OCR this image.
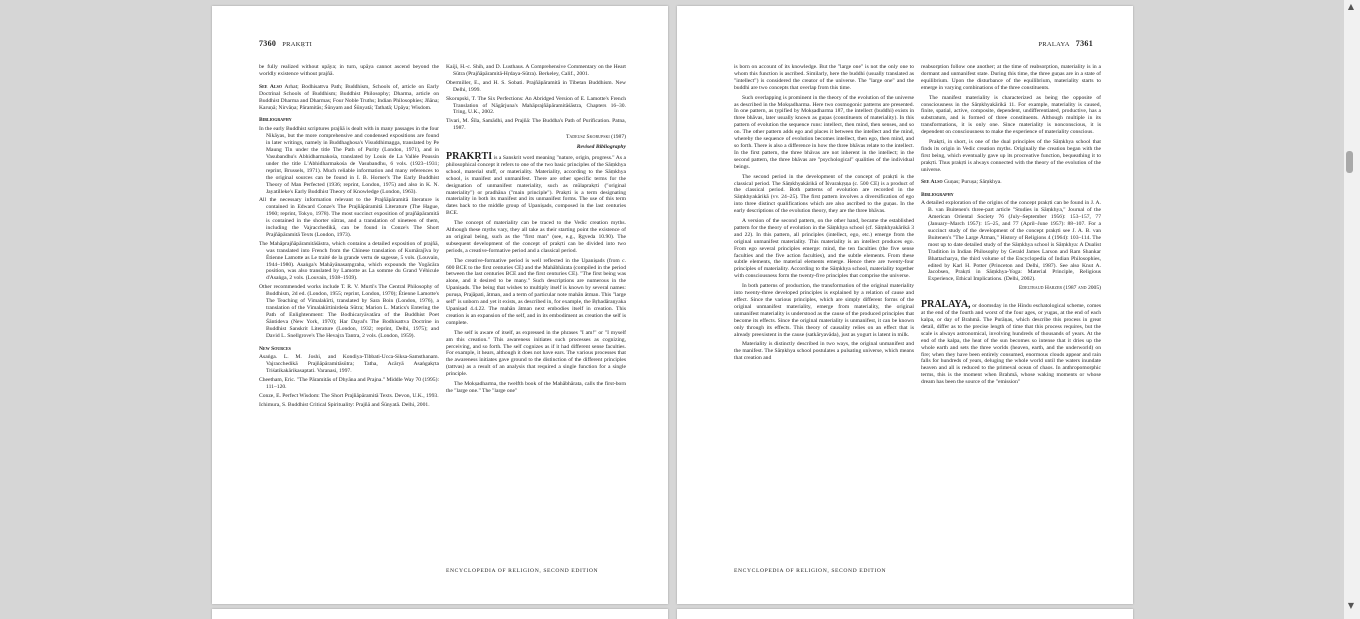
7360 PRAKṚTI

be fully realized without upāya; in turn, upāya cannot ascend beyond the worldly existence without prajñā.

See Also Arhat; Bodhisattva Path; Buddhism, Schools of, article on Early Doctrinal Schools of Buddhism; Buddhist Philosophy; Dharma, article on Buddhist Dharma and Dharmas; Four Noble Truths; Indian Philosophies; Jñāna; Karuṇā; Nirvāṇa; Pāramitās; Śūnyam and Śūnyatā; Tathatā; Upāya; Wisdom.

Bibliography

In the early Buddhist scriptures prajñā is dealt with in many passages in the four Nikāyas, but the more comprehensive and condensed expositions are found in later writings, namely in Buddhaghosa's Visuddhimagga, translated by Pe Maung Tin under the title The Path of Purity (London, 1971), and in Vasubandhu's Abhidharmakośa, translated by Louis de La Vallée Poussin under the title L'Abhidharmakośa de Vasubandhu, 6 vols. (1923–1931; reprint, Brussels, 1971). Much reliable information and many references to the original sources can be found in I. B. Horner's The Early Buddhist Theory of Man Perfected (1936; reprint, London, 1975) and also in K. N. Jayatilleke's Early Buddhist Theory of Knowledge (London, 1963).

All the necessary information relevant to the Prajñāpāramitā literature is contained in Edward Conze's The Prajñāpāramitā Literature (The Hague, 1960; reprint, Tokyo, 1978). The most succinct exposition of prajñāpāramitā is contained in the shorter sūtras, and a translation of nineteen of them, including the Vajracchedikā, can be found in Conze's The Short Prajñāpāramitā Texts (London, 1973).

The Mahāprajñāpāramitāśāstra, which contains a detailed exposition of prajñā, was translated into French from the Chinese translation of Kumārajīva by Étienne Lamotte as Le traité de la grande vertu de sagesse, 5 vols. (Louvain, 1944–1980). Asaṅga's Mahāyānasaṃgraha, which expounds the Yogācāra position, was also translated by Lamotte as La somme du Grand Véhicule d'Asaṅga, 2 vols. (Louvain, 1938–1939).

Other recommended works include T. R. V. Murti's The Central Philosophy of Buddhism, 2d ed. (London, 1955; reprint, London, 1970); Étienne Lamotte's The Teaching of Vimalakīrti, translated by Sara Boin (London, 1976), a translation of the Vimalakīrtinirdeśa Sūtra; Marion L. Matics's Entering the Path of Enlightenment: The Bodhicaryāvatāra of the Buddhist Poet Śāntideva (New York, 1970); Har Dayal's The Bodhisattva Doctrine in Buddhist Sanskrit Literature (London, 1932; reprint, Delhi, 1975); and David L. Snellgrove's The Hevajra Tantra, 2 vols. (London, 1959).

New Sources

Asaṅga. L. M. Joshi, and Kondiya-Tibbati-Ucca-Siksa-Samsthanam. Vajracchedikā Prajñāpāramitāsūtra; Tatha, Acāryā Asaṅgakṛta Triśatikakārikasaptati. Varanasi, 1997.

Cheetham, Eric. "The Pāramitās of Dhyāna and Prajna." Middle Way 70 (1995): 111–120.

Conze, E. Perfect Wisdom: The Short Prajñāpāramitā Texts. Devon, U.K., 1993.

Ichimura, S. Buddhist Critical Spirituality: Prajñā and Śūnyatā. Delhi, 2001.

Kaiji, H.-c. Shih, and D. Lusthaus. A Comprehensive Commentary on the Heart Sūtra (Prajñāpāramitā-Hṛdaya-Sūtra). Berkeley, Calif., 2001.

Obermiller, E., and H. S. Sobati. Prajñāpāramitā in Tibetan Buddhism. New Delhi, 1999.

Skorupski, T. The Six Perfections: An Abridged Version of E. Lamotte's French Translation of Nāgārjuna's Mahāprajñāpāramitāśāstra, Chapters 16–30. Tring, U.K., 2002.

Tivari, M. Śīla, Samādhi, and Prajñā: The Buddha's Path of Purification. Patna, 1987.

Tadeusz Skorupski (1987)

Revised Bibliography

PRAKṚTI is a Sanskrit word meaning "nature, origin, progress." As a philosophical concept it refers to one of the two basic principles of the Sāṃkhya school, material stuff, or materiality. Materiality, according to the Sāṃkhya school, is manifest and unmanifest. There are other specific terms for the designation of unmanifest materiality, such as mūlaprakṛti ("original materiality") or pradhāna ("main principle"). Prakṛti is a term designating materiality in both its manifest and its unmanifest forms. The use of this term dates back to the middle group of Upaniṣads, composed in the last centuries BCE.

The concept of materiality can be traced to the Vedic creation myths. Although these myths vary, they all take as their starting point the existence of an original being, such as the "first man" (see, e.g., Ṛgveda 10.90). The subsequent development of the concept of prakṛti can be divided into two periods, a creative-formative period and a classical period.

The creative-formative period is well reflected in the Upaniṣads (from c. 600 BCE to the first centuries CE) and the Mahābhārata (compiled in the period between the last centuries BCE and the first centuries CE). "The first being was alone, and it desired to be many." Such descriptions are numerous in the Upaniṣads. The being that wishes to multiply itself is known by several names: puruṣa, Prajāpati, ātman, and a term of particular note mahān ātman. This "large self" is unborn and yet it exists, as described in, for example, the Bṛhadāraṇyaka Upaniṣad 4.4.22. The mahān ātman next embodies itself in creation. This creation is an expansion of the self, and in its embodiment as creation the self is complete.

The self is aware of itself, as expressed in the phrases "I am!" or "I myself am this creation." This awareness initiates such processes as cognizing, perceiving, and so forth. The self cognizes as if it had different sense faculties. For example, it hears, although it does not have ears. The various processes that the awareness initiates gave ground to the distinction of the different principles (tattvas) as a result of an analysis that required a single function for a single principle.

The Mokṣadharma, the twelfth book of the Mahābhārata, calls the first-born the "large one." The "large one"

ENCYCLOPEDIA OF RELIGION, SECOND EDITION
PRALAYA 7361

is born on account of its knowledge. But the "large one" is not the only one to whom this function is ascribed. Similarly, here the buddhi (usually translated as "intellect") is considered the creator of the universe. The "large one" and the buddhi are two concepts that overlap from this time.

Such overlapping is prominent in the theory of the evolution of the universe as described in the Mokṣadharma. Here two cosmogonic patterns are presented. In one pattern, as typified by Mokṣadharma 187, the intellect (buddhi) exists in three bhāvas, later usually known as guṇas (constituents of materiality). In this pattern of evolution the sequence runs: intellect, then mind, then senses, and so on. The other pattern adds ego and places it between the intellect and the mind, whereby the sequence of evolution becomes intellect, then ego, then mind, and so forth. There is also a difference in how the three bhāvas relate to the intellect. In the first pattern, the three bhāvas are not inherent in the intellect; in the second pattern, the three bhāvas are "psychological" qualities of the individual beings.

The second period in the development of the concept of prakṛti is the classical period. The Sāṃkhyakārikā of Īśvarakṛṣṇa (c. 500 CE) is a product of the classical period. Both patterns of evolution are recorded in the Sāṃkhyakārikā (vv. 24–25). The first pattern involves a diversification of ego into three distinct qualifications which are also ascribed to the guṇas. In the early descriptions of the evolution theory, they are the three bhāvas.

A version of the second pattern, on the other hand, became the established pattern for the theory of evolution in the Sāṃkhya school (cf. Sāṃkhyakārikā 3 and 22). In this pattern, all principles (intellect, ego, etc.) emerge from the original unmanifest materiality. This materiality is an intellect produces ego. From ego several principles emerge: mind, the ten faculties (the five sense faculties and the five action faculties), and the subtle elements. From these subtle elements, the material elements emerge. Hence there are twenty-four principles of materiality. According to the Sāṃkhya school, materiality together with consciousness form the twenty-five principles that comprise the universe.

In both patterns of production, the transformation of the original materiality into twenty-three developed principles is explained by a relation of cause and effect. Since the various principles, which are simply different forms of the original unmanifest materiality, emerge from materiality, the original unmanifest materiality is understood as the cause of the produced principles that become its effects. Since the original materiality is unmanifest, it can be known only through its effects. This theory of causality relies on an effect that is already preexistent in the cause (satkāryavāda), just as yogurt is latent in milk.

Materiality is distinctly described in two ways, the original unmanifest and the manifest. The Sāṃkhya school postulates a pulsating universe, which means that creation and

reabsorption follow one another; at the time of reabsorption, materiality is in a dormant and unmanifest state. During this time, the three guṇas are in a state of equilibrium. Upon the disturbance of the equilibrium, materiality starts to emerge in varying combinations of the three constituents.

The manifest materiality is characterized as being the opposite of consciousness in the Sāṃkhyakārikā 11. For example, materiality is caused, finite, spatial, active, composite, dependent, undifferentiated, productive, has a substratum, and is formed of three constituents. Although multiple in its transformations, it is only one. Since materiality is nonconscious, it is dependent on consciousness to make the experience of materiality conscious.

Prakṛti, in short, is one of the dual principles of the Sāṃkhya school that finds its origin in Vedic creation myths. Originally the creation began with the first being, which eventually gave up its procreative function, bequeathing it to prakṛti. Thus prakṛti is always connected with the theory of the evolution of the universe.

See Also Guṇas; Puruṣa; Sāṃkhya.

Bibliography

A detailed exploration of the origins of the concept prakṛti can be found in J. A. B. van Buitenen's three-part article "Studies in Sāṃkhya," Journal of the American Oriental Society 76 (July–September 1956): 153–157, 77 (January–March 1957): 15–25, and 77 (April–June 1957): 88–107. For a succinct study of the development of the concept prakṛti see J. A. B. van Buitenen's "The Large Ātman," History of Religions 4 (1964): 103–114. The most up to date detailed study of the Sāṃkhya school is Sāṃkhya: A Dualist Tradition in Indian Philosophy by Gerald James Larson and Ram Shankar Bhattacharya, the third volume of the Encyclopedia of Indian Philosophies, edited by Karl H. Potter (Princeton and Delhi, 1987). See also Knut A. Jacobsen, Prakṛti in Sāṃkhya-Yoga: Material Principle, Religious Experience, Ethical Implications. (Delhi, 2002).

Edeltraud Harzer (1987 and 2005)

PRALAYA, or doomsday in the Hindu eschatological scheme, comes at the end of the fourth and worst of the four ages, or yugas, at the end of each kalpa, or day of Brahmā. The Purāṇas, which describe this process in great detail, differ as to the precise length of time that this process requires, but the scale is always astronomical, involving hundreds of thousands of years. At the end of the kalpa, the heat of the sun becomes so intense that it dries up the whole earth and sets the three worlds (heaven, earth, and the underworld) on fire; when they have been entirely consumed, enormous clouds appear and rain falls for hundreds of years, deluging the whole world until the waters inundate heaven and all is reduced to the primeval ocean of chaos. In anthropomorphic terms, this is the moment when Brahmā, whose waking moments or whose dream has been the source of the "emission"

ENCYCLOPEDIA OF RELIGION, SECOND EDITION
▲
▼
